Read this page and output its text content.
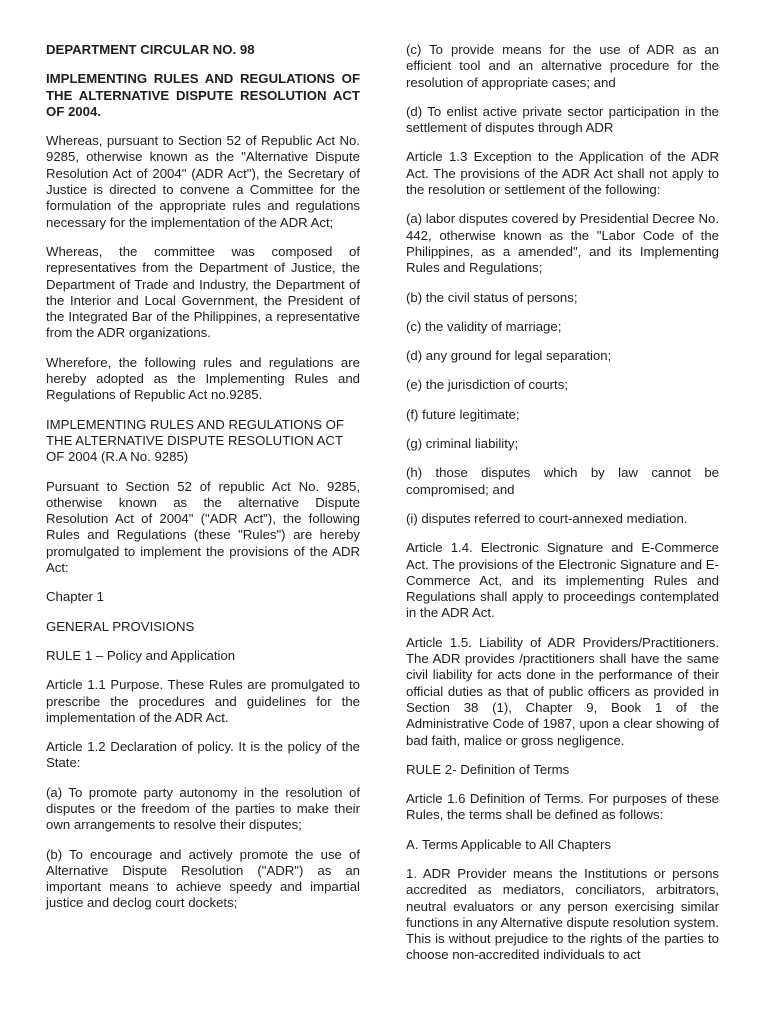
DEPARTMENT CIRCULAR NO. 98

IMPLEMENTING RULES AND REGULATIONS OF THE ALTERNATIVE DISPUTE RESOLUTION ACT OF 2004.

Whereas, pursuant to Section 52 of Republic Act No. 9285, otherwise known as the "Alternative Dispute Resolution Act of 2004" (ADR Act"), the Secretary of Justice is directed to convene a Committee for the formulation of the appropriate rules and regulations necessary for the implementation of the ADR Act;

Whereas, the committee was composed of representatives from the Department of Justice, the Department of Trade and Industry, the Department of the Interior and Local Government, the President of the Integrated Bar of the Philippines, a representative from the ADR organizations.

Wherefore, the following rules and regulations are hereby adopted as the Implementing Rules and Regulations of Republic Act no.9285.

IMPLEMENTING RULES AND REGULATIONS OF THE ALTERNATIVE DISPUTE RESOLUTION ACT OF 2004 (R.A No. 9285)

Pursuant to Section 52 of republic Act No. 9285, otherwise known as the alternative Dispute Resolution Act of 2004" ("ADR Act"), the following Rules and Regulations (these "Rules") are hereby promulgated to implement the provisions of the ADR Act:

Chapter 1

GENERAL PROVISIONS

RULE 1 – Policy and Application

Article 1.1 Purpose. These Rules are promulgated to prescribe the procedures and guidelines for the implementation of the ADR Act.

Article 1.2 Declaration of policy. It is the policy of the State:

(a) To promote party autonomy in the resolution of disputes or the freedom of the parties to make their own arrangements to resolve their disputes;

(b) To encourage and actively promote the use of Alternative Dispute Resolution ("ADR") as an important means to achieve speedy and impartial justice and declog court dockets;

(c) To provide means for the use of ADR as an efficient tool and an alternative procedure for the resolution of appropriate cases; and

(d) To enlist active private sector participation in the settlement of disputes through ADR

Article 1.3 Exception to the Application of the ADR Act. The provisions of the ADR Act shall not apply to the resolution or settlement of the following:

(a) labor disputes covered by Presidential Decree No. 442, otherwise known as the "Labor Code of the Philippines, as a amended", and its Implementing Rules and Regulations;

(b) the civil status of persons;

(c) the validity of marriage;

(d) any ground for legal separation;

(e) the jurisdiction of courts;

(f) future legitimate;

(g) criminal liability;

(h) those disputes which by law cannot be compromised; and

(i) disputes referred to court-annexed mediation.

Article 1.4. Electronic Signature and E-Commerce Act. The provisions of the Electronic Signature and E-Commerce Act, and its implementing Rules and Regulations shall apply to proceedings contemplated in the ADR Act.

Article 1.5. Liability of ADR Providers/Practitioners. The ADR provides /practitioners shall have the same civil liability for acts done in the performance of their official duties as that of public officers as provided in Section 38 (1), Chapter 9, Book 1 of the Administrative Code of 1987, upon a clear showing of bad faith, malice or gross negligence.

RULE 2- Definition of Terms

Article 1.6 Definition of Terms. For purposes of these Rules, the terms shall be defined as follows:

A. Terms Applicable to All Chapters

1. ADR Provider means the Institutions or persons accredited as mediators, conciliators, arbitrators, neutral evaluators or any person exercising similar functions in any Alternative dispute resolution system. This is without prejudice to the rights of the parties to choose non-accredited individuals to act
